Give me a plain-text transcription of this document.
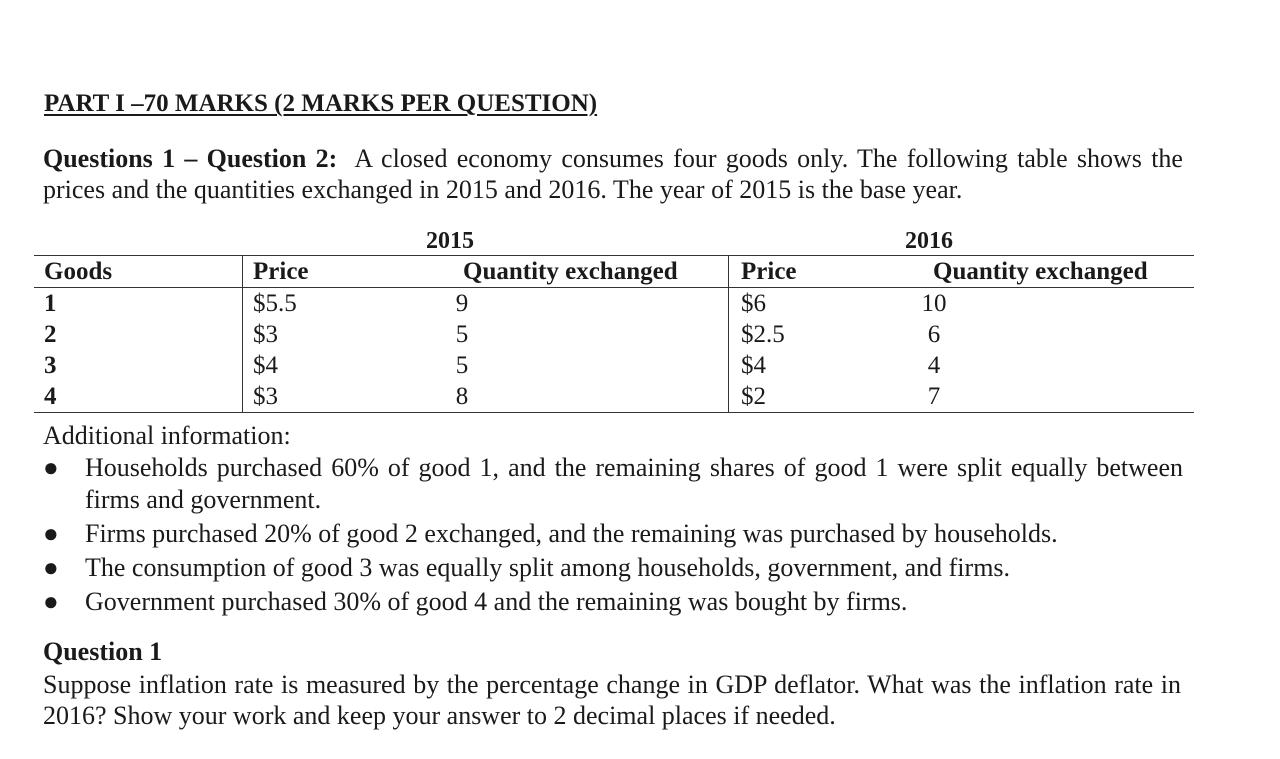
PART I –70 MARKS (2 MARKS PER QUESTION)
Questions 1 – Question 2: A closed economy consumes four goods only. The following table shows the prices and the quantities exchanged in 2015 and 2016. The year of 2015 is the base year.
2015	2016
Goods	Price	Quantity exchanged	Price	Quantity exchanged
1	$5.5	9	$6	10
2	$3	5	$2.5	6
3	$4	5	$4	4
4	$3	8	$2	7
Additional information:
● Households purchased 60% of good 1, and the remaining shares of good 1 were split equally between firms and government.
● Firms purchased 20% of good 2 exchanged, and the remaining was purchased by households.
● The consumption of good 3 was equally split among households, government, and firms.
● Government purchased 30% of good 4 and the remaining was bought by firms.
Question 1
Suppose inflation rate is measured by the percentage change in GDP deflator. What was the inflation rate in 2016? Show your work and keep your answer to 2 decimal places if needed.
